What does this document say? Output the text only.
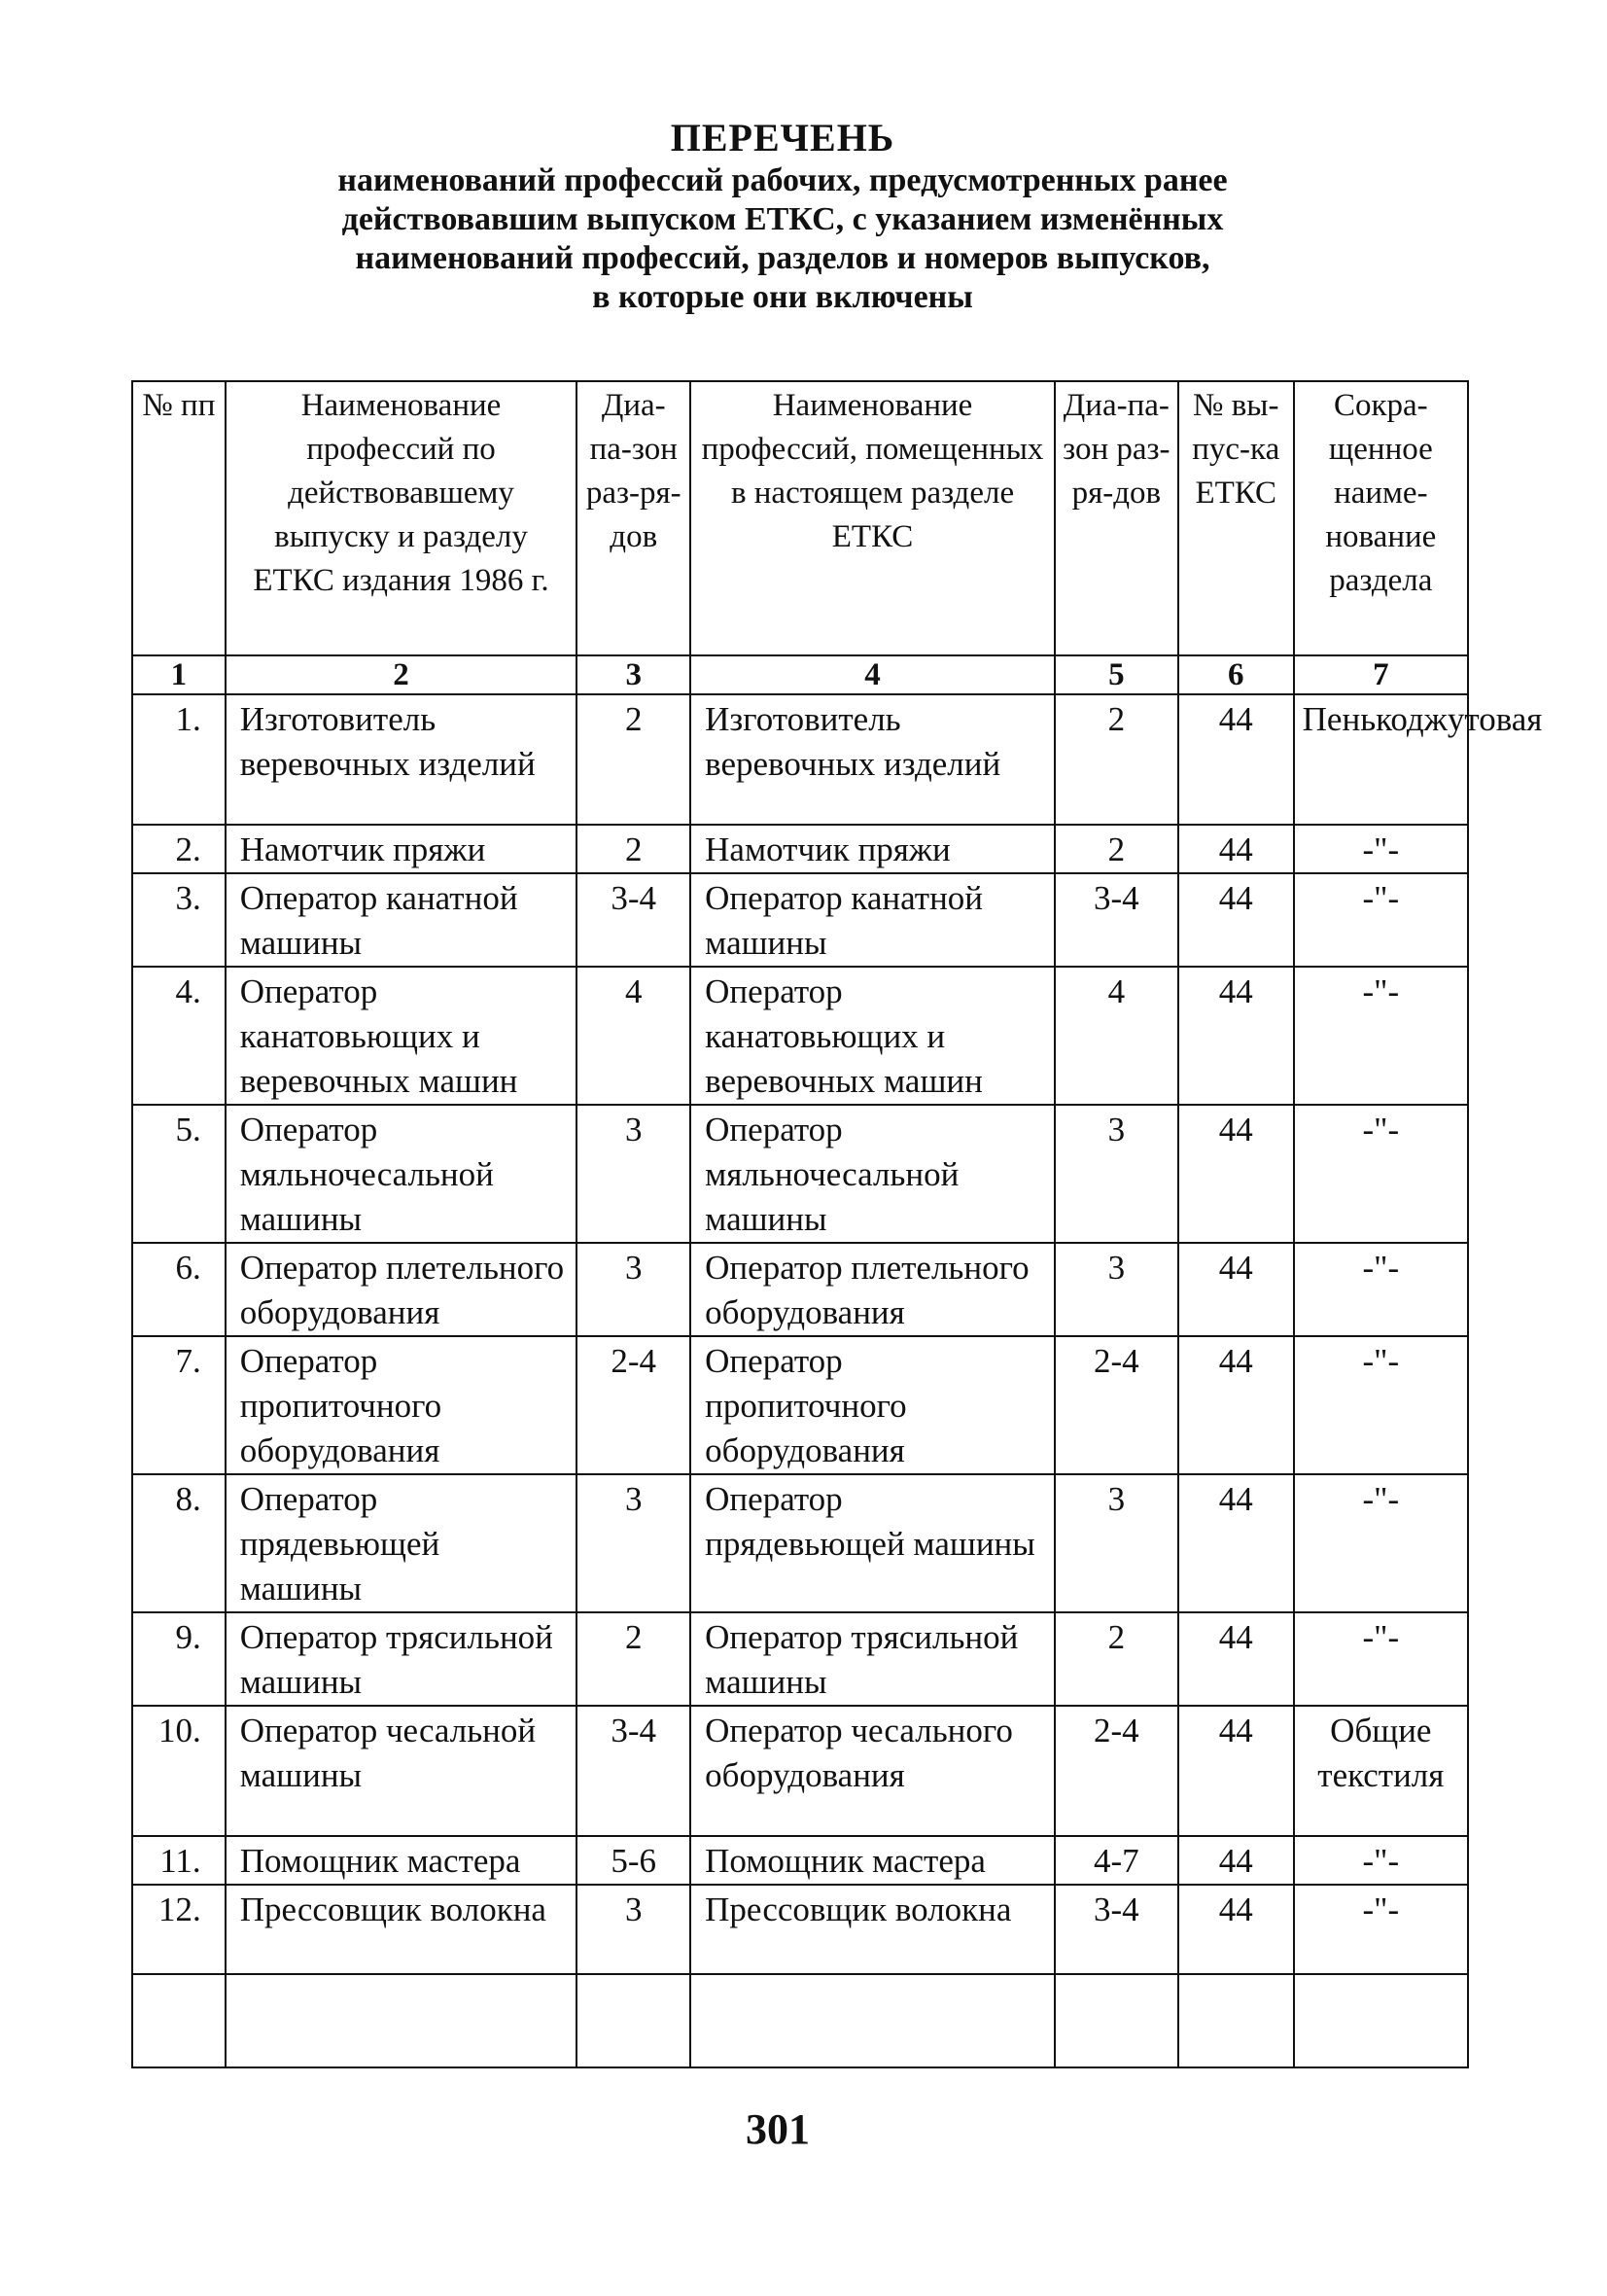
ПЕРЕЧЕНЬ
наименований профессий рабочих, предусмотренных ранее
действовавшим выпуском ЕТКС, с указанием изменённых
наименований профессий, разделов и номеров выпусков,
в которые они включены
№ пп	Наименование профессий по действовавшему выпуску и разделу ЕТКС издания 1986 г.	Диа-па-зон раз-ря-дов	Наименование профессий, помещенных в настоящем разделе ЕТКС	Диа-па-зон раз-ря-дов	№ вы-пус-ка ЕТКС	Сокра-щенное наиме-нование раздела
1	2	3	4	5	6	7
1.	Изготовитель веревочных изделий	2	Изготовитель веревочных изделий	2	44	Пенькоджутовая
2.	Намотчик пряжи	2	Намотчик пряжи	2	44	-"-
3.	Оператор канатной машины	3-4	Оператор канатной машины	3-4	44	-"-
4.	Оператор канатовьющих и веревочных машин	4	Оператор канатовьющих и веревочных машин	4	44	-"-
5.	Оператор мяльночесальной машины	3	Оператор мяльночесальной машины	3	44	-"-
6.	Оператор плетельного оборудования	3	Оператор плетельного оборудования	3	44	-"-
7.	Оператор пропиточного оборудования	2-4	Оператор пропиточного оборудования	2-4	44	-"-
8.	Оператор прядевьющей машины	3	Оператор прядевьющей машины	3	44	-"-
9.	Оператор трясильной машины	2	Оператор трясильной машины	2	44	-"-
10.	Оператор чесальной машины	3-4	Оператор чесального оборудования	2-4	44	Общие текстиля
11.	Помощник мастера	5-6	Помощник мастера	4-7	44	-"-
12.	Прессовщик волокна	3	Прессовщик волокна	3-4	44	-"-

301
